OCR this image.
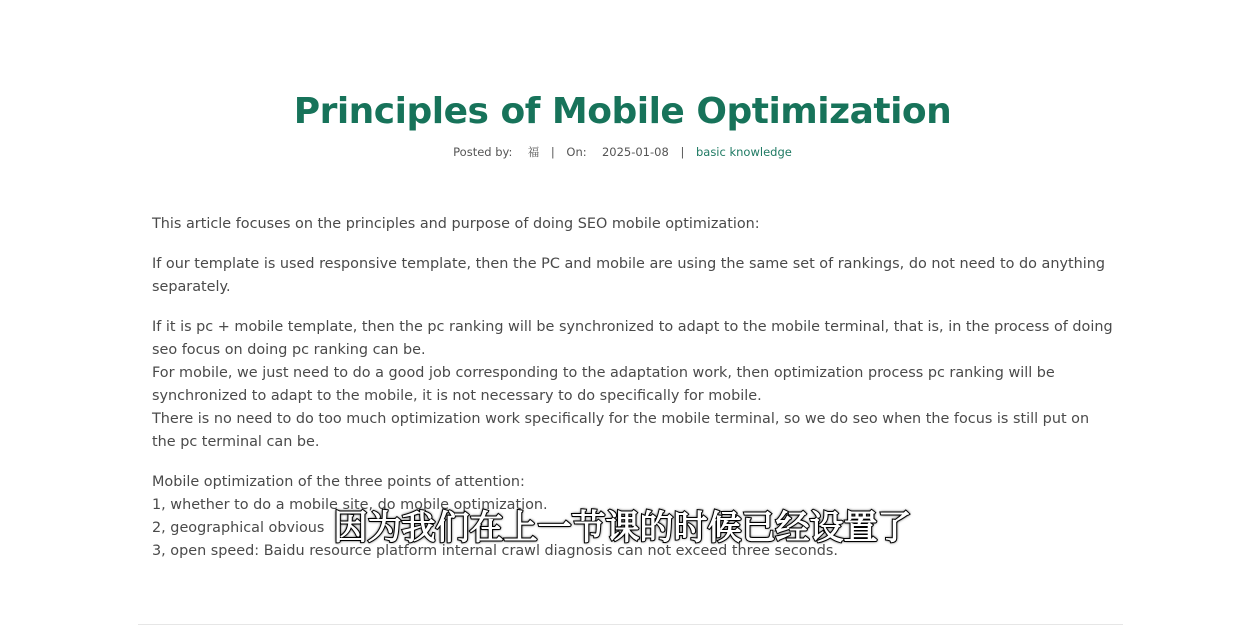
Principles of Mobile Optimization
Posted by: 福 | On: 2025-01-08 | basic knowledge

This article focuses on the principles and purpose of doing SEO mobile optimization:

If our template is used responsive template, then the PC and mobile are using the same set of rankings, do not need to do anything separately.

If it is pc + mobile template, then the pc ranking will be synchronized to adapt to the mobile terminal, that is, in the process of doing seo focus on doing pc ranking can be.
For mobile, we just need to do a good job corresponding to the adaptation work, then optimization process pc ranking will be synchronized to adapt to the mobile, it is not necessary to do specifically for mobile.
There is no need to do too much optimization work specifically for the mobile terminal, so we do seo when the focus is still put on the pc terminal can be.

Mobile optimization of the three points of attention:
1, whether to do a mobile site, do mobile optimization.
2, geographical obvious
3, open speed: Baidu resource platform internal crawl diagnosis can not exceed three seconds.

因为我们在上一节课的时候已经设置了
